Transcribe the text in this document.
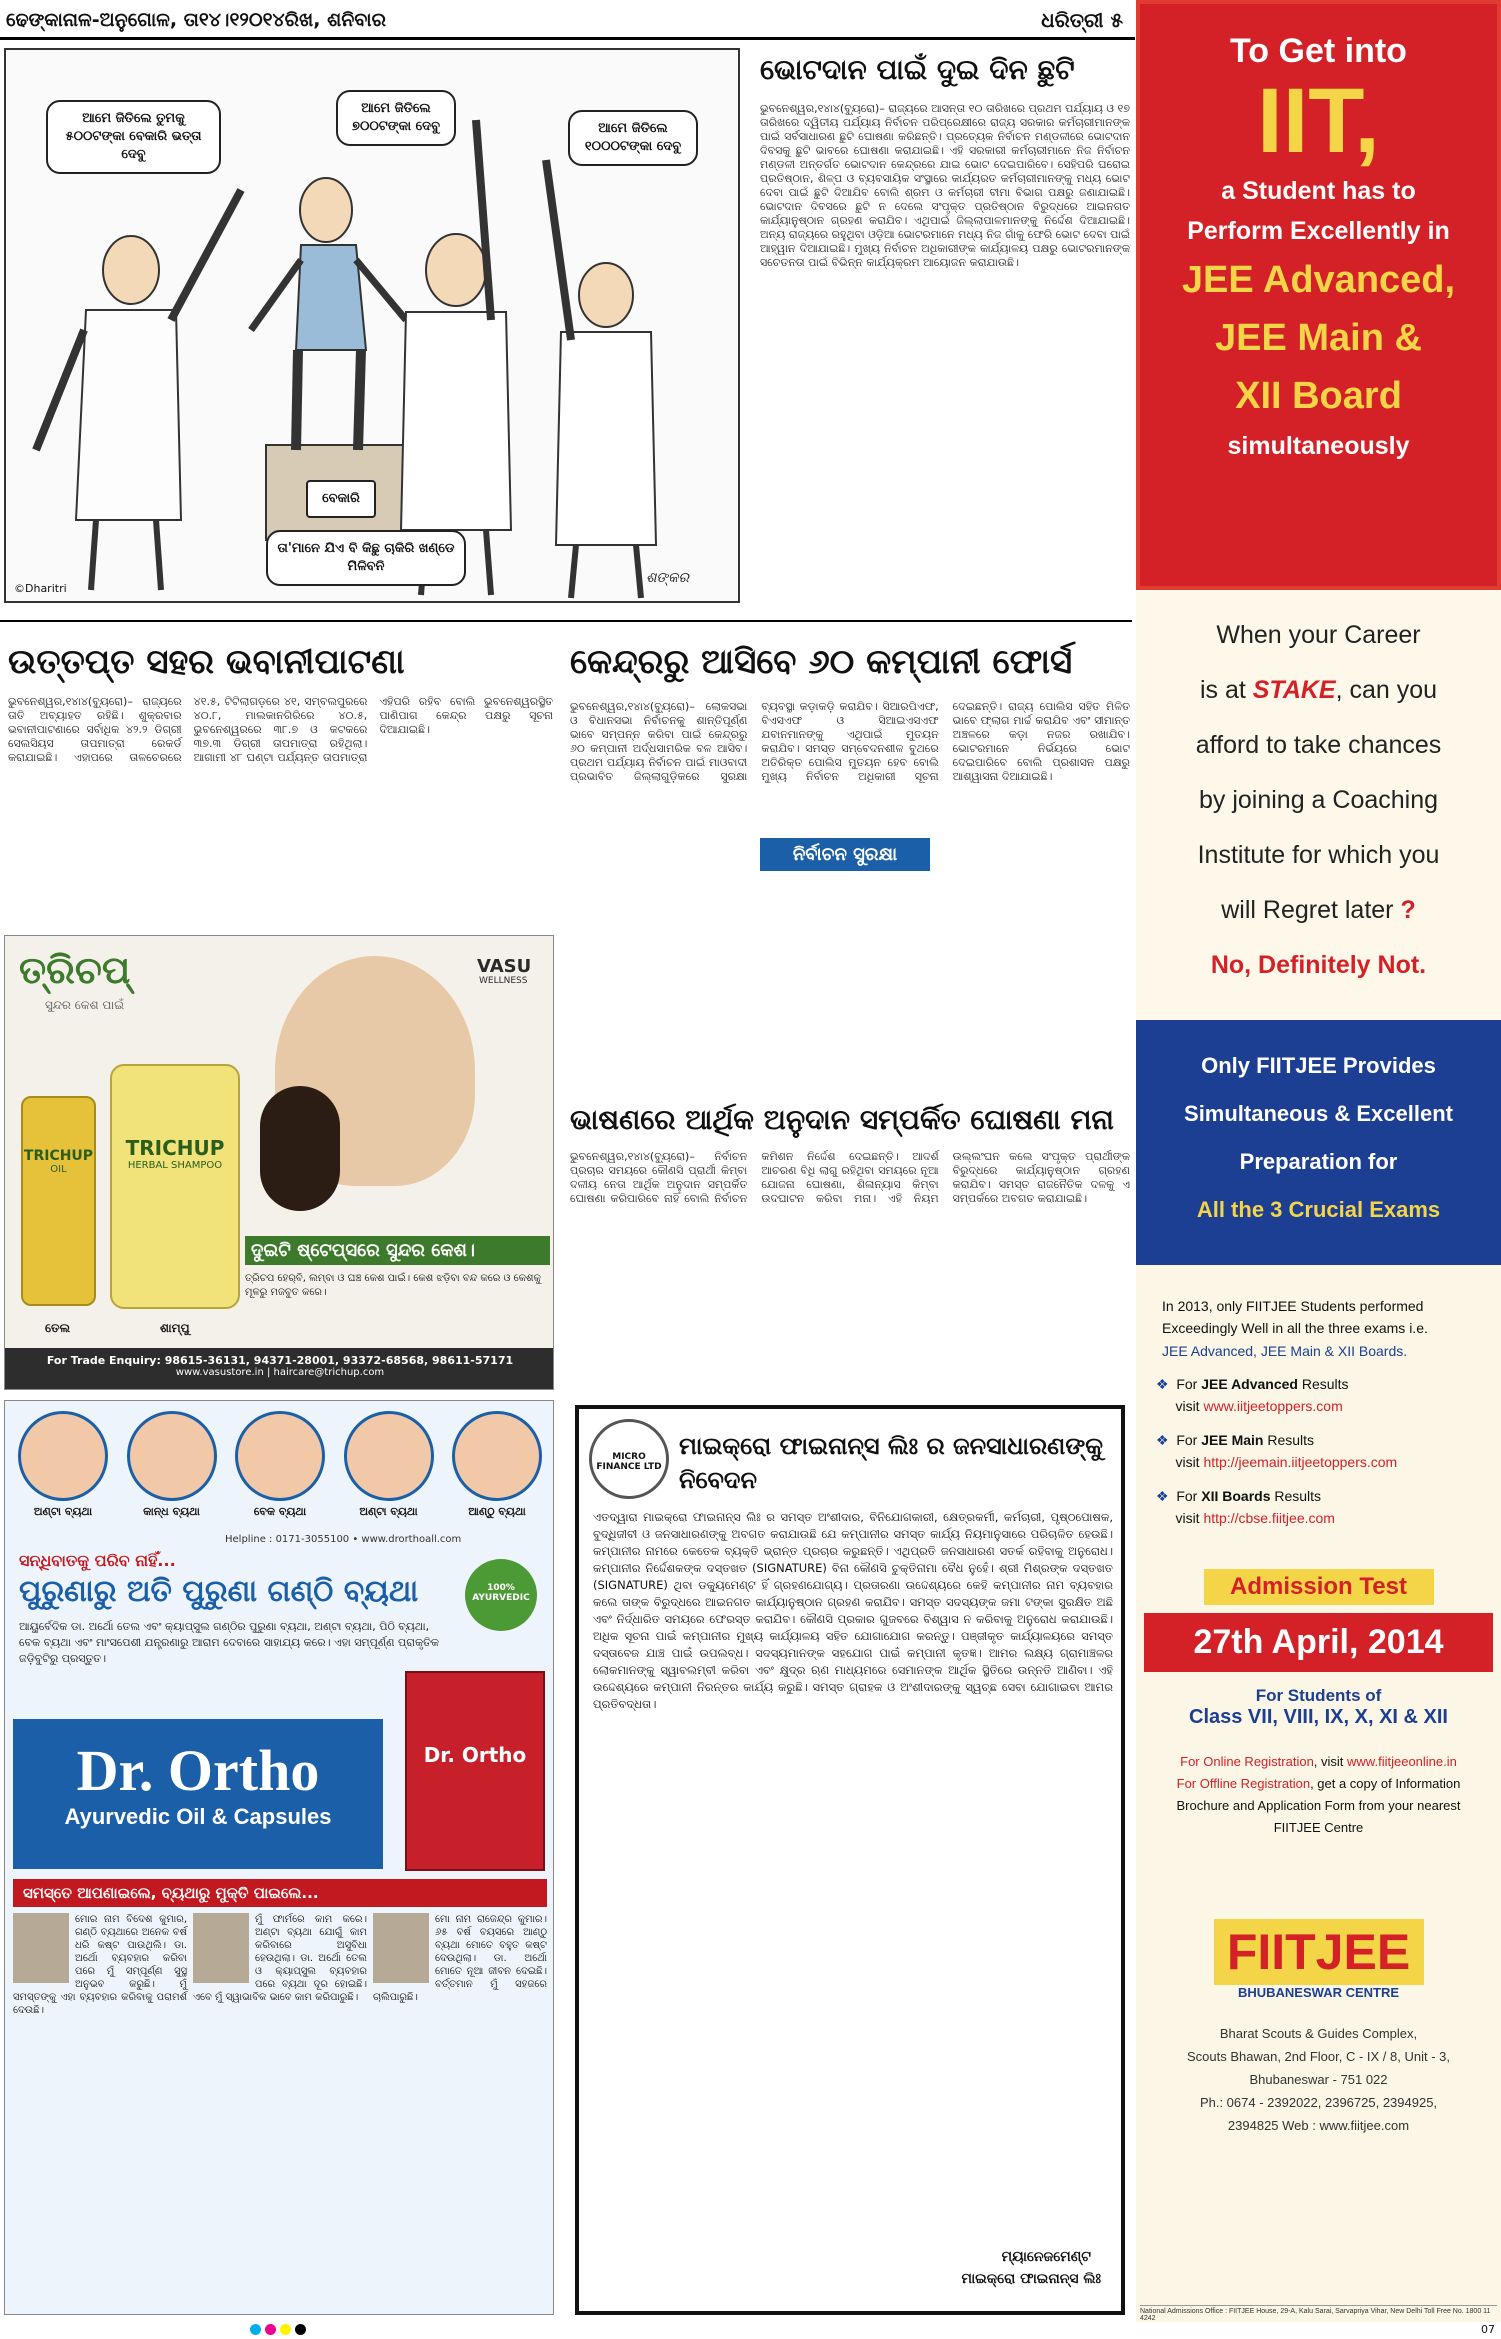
ଢେଙ୍କାନାଳ-ଅନୁଗୋଳ, ତା୧୪।୧୨୦୧୪ରିଖ, ଶନିବାର	ଧରିତ୍ରୀ ୫
ଆମେ ଜିତିଲେ ତୁମକୁ ୫୦୦ଟଙ୍କା ବେକାରି ଭତ୍ତା ଦେବୁ
ଆମେ ଜିତିଲେ ୭୦୦ଟଙ୍କା ଦେବୁ	ଆମେ ଜିତିଲେ ୧୦୦୦ଟଙ୍କା ଦେବୁ
ବେକାରି
ତା'ମାନେ ଯିଏ ବି କିଛୁ ଚାକିରି ଖଣ୍ଡେ ମିଳିବନି
©Dharitri
ଶଙ୍କର
ଭୋଟଦାନ ପାଇଁ ଦୁଇ ଦିନ ଛୁଟି
ଭୁବନେଶ୍ୱର,୧୪ା୪(ବ୍ୟୁରୋ)– ରାଜ୍ୟରେ ଆସନ୍ତା ୧୦ ତାରିଖରେ ପ୍ରଥମ ପର୍ଯ୍ୟାୟ ଓ ୧୭ ତାରିଖରେ ଦ୍ୱିତୀୟ ପର୍ଯ୍ୟାୟ ନିର୍ବାଚନ ପରିପ୍ରେକ୍ଷୀରେ ରାଜ୍ୟ ସରକାର କର୍ମଚାରୀମାନଙ୍କ ପାଇଁ ସର୍ବସାଧାରଣ ଛୁଟି ଘୋଷଣା କରିଛନ୍ତି। ପ୍ରତ୍ୟେକ ନିର୍ବାଚନ ମଣ୍ଡଳୀରେ ଭୋଟଦାନ ଦିବସକୁ ଛୁଟି ଭାବରେ ଘୋଷଣା କରାଯାଇଛି। ଏହି ସରକାରୀ କର୍ମଚାରୀମାନେ ନିଜ ନିର୍ବାଚନ ମଣ୍ଡଳୀ ଅନ୍ତର୍ଗତ ଭୋଟଦାନ କେନ୍ଦ୍ରରେ ଯାଇ ଭୋଟ ଦେଇପାରିବେ। ସେହିପରି ଘରୋଇ ପ୍ରତିଷ୍ଠାନ, ଶିଳ୍ପ ଓ ବ୍ୟବସାୟିକ ସଂସ୍ଥାରେ କାର୍ଯ୍ୟରତ କର୍ମଚାରୀମାନଙ୍କୁ ମଧ୍ୟ ଭୋଟ ଦେବା ପାଇଁ ଛୁଟି ଦିଆଯିବ ବୋଲି ଶ୍ରମ ଓ କର୍ମଚାରୀ ବୀମା ବିଭାଗ ପକ୍ଷରୁ ଜଣାଯାଇଛି। ଭୋଟଦାନ ଦିବସରେ ଛୁଟି ନ ଦେଲେ ସଂପୃକ୍ତ ପ୍ରତିଷ୍ଠାନ ବିରୁଦ୍ଧରେ ଆଇନଗତ କାର୍ଯ୍ୟାନୁଷ୍ଠାନ ଗ୍ରହଣ କରାଯିବ। ଏଥିପାଇଁ ଜିଲ୍ଲାପାଳମାନଙ୍କୁ ନିର୍ଦ୍ଦେଶ ଦିଆଯାଇଛି। ଅନ୍ୟ ରାଜ୍ୟରେ ରହୁଥିବା ଓଡ଼ିଆ ଭୋଟରମାନେ ମଧ୍ୟ ନିଜ ଗାଁକୁ ଫେରି ଭୋଟ ଦେବା ପାଇଁ ଆହ୍ୱାନ ଦିଆଯାଇଛି। ମୁଖ୍ୟ ନିର୍ବାଚନ ଅଧିକାରୀଙ୍କ କାର୍ଯ୍ୟାଳୟ ପକ୍ଷରୁ ଭୋଟରମାନଙ୍କ ସଚେତନତା ପାଇଁ ବିଭିନ୍ନ କାର୍ଯ୍ୟକ୍ରମ ଆୟୋଜନ କରାଯାଉଛି।
ଉତ୍ତପ୍ତ ସହର ଭବାନୀପାଟଣା
ଭୁବନେଶ୍ୱର,୧୪ା୪(ବ୍ୟୁରୋ)– ରାଜ୍ୟରେ ତାତି ଅବ୍ୟାହତ ରହିଛି। ଶୁକ୍ରବାର ଭବାନୀପାଟଣାରେ ସର୍ବାଧିକ ୪୨.୨ ଡିଗ୍ରୀ ସେଲସିୟସ ତାପମାତ୍ରା ରେକର୍ଡ କରାଯାଇଛି। ଏହାପରେ ତାଳଚେରରେ ୪୧.୫, ଟିଟିଲାଗଡ଼ରେ ୪୧, ସମ୍ବଲପୁରରେ ୪୦.୮, ମାଲକାନଗିରିରେ ୪୦.୫, ଭୁବନେଶ୍ୱରରେ ୩୮.୭ ଓ କଟକରେ ୩୭.୩ ଡିଗ୍ରୀ ତାପମାତ୍ରା ରହିଥିଲା। ଆଗାମୀ ୪୮ ଘଣ୍ଟା ପର୍ଯ୍ୟନ୍ତ ତାପମାତ୍ରା ଏହିପରି ରହିବ ବୋଲି ଭୁବନେଶ୍ୱରସ୍ଥିତ ପାଣିପାଗ କେନ୍ଦ୍ର ପକ୍ଷରୁ ସୂଚନା ଦିଆଯାଇଛି।
କେନ୍ଦ୍ରରୁ ଆସିବେ ୬୦ କମ୍ପାନୀ ଫୋର୍ସ
ଭୁବନେଶ୍ୱର,୧୪ା୪(ବ୍ୟୁରୋ)– ଲୋକସଭା ଓ ବିଧାନସଭା ନିର୍ବାଚନକୁ ଶାନ୍ତିପୂର୍ଣ୍ଣ ଭାବେ ସମ୍ପନ୍ନ କରିବା ପାଇଁ କେନ୍ଦ୍ରରୁ ୬୦ କମ୍ପାନୀ ଅର୍ଦ୍ଧସାମରିକ ବଳ ଆସିବ। ପ୍ରଥମ ପର୍ଯ୍ୟାୟ ନିର୍ବାଚନ ପାଇଁ ମାଓବାଦୀ ପ୍ରଭାବିତ ଜିଲ୍ଲାଗୁଡ଼ିକରେ ସୁରକ୍ଷା ବ୍ୟବସ୍ଥା କଡ଼ାକଡ଼ି କରାଯିବ। ସିଆରପିଏଫ, ବିଏସଏଫ ଓ ସିଆଇଏସଏଫ ଯବାନମାନଙ୍କୁ ଏଥିପାଇଁ ମୁତୟନ କରାଯିବ। ସମସ୍ତ ସମ୍ବେଦନଶୀଳ ବୁଥରେ ଅତିରିକ୍ତ ପୋଲିସ ମୁତୟନ ହେବ ବୋଲି ମୁଖ୍ୟ ନିର୍ବାଚନ ଅଧିକାରୀ ସୂଚନା ଦେଇଛନ୍ତି। ରାଜ୍ୟ ପୋଲିସ ସହିତ ମିଳିତ ଭାବେ ଫ୍ଲାଗ ମାର୍ଚ୍ଚ କରାଯିବ ଏବଂ ସୀମାନ୍ତ ଅଞ୍ଚଳରେ କଡ଼ା ନଜର ରଖାଯିବ। ଭୋଟରମାନେ ନିର୍ଭୟରେ ଭୋଟ ଦେଇପାରିବେ ବୋଲି ପ୍ରଶାସନ ପକ୍ଷରୁ ଆଶ୍ୱାସନା ଦିଆଯାଇଛି।
ନିର୍ବାଚନ ସୁରକ୍ଷା
ଭାଷଣରେ ଆର୍ଥିକ ଅନୁଦାନ ସମ୍ପର୍କିତ ଘୋଷଣା ମନା
ଭୁବନେଶ୍ୱର,୧୪ା୪(ବ୍ୟୁରୋ)– ନିର୍ବାଚନ ପ୍ରଚାର ସମୟରେ କୌଣସି ପ୍ରାର୍ଥୀ କିମ୍ବା ଦଳୀୟ ନେତା ଆର୍ଥିକ ଅନୁଦାନ ସମ୍ପର୍କିତ ଘୋଷଣା କରିପାରିବେ ନାହିଁ ବୋଲି ନିର୍ବାଚନ କମିଶନ ନିର୍ଦ୍ଦେଶ ଦେଇଛନ୍ତି। ଆଦର୍ଶ ଆଚରଣ ବିଧି ଲାଗୁ ରହିଥିବା ସମୟରେ ନୂଆ ଯୋଜନା ଘୋଷଣା, ଶିଳାନ୍ୟାସ କିମ୍ବା ଉଦଘାଟନ କରିବା ମନା। ଏହି ନିୟମ ଉଲ୍ଲଂଘନ କଲେ ସଂପୃକ୍ତ ପ୍ରାର୍ଥୀଙ୍କ ବିରୁଦ୍ଧରେ କାର୍ଯ୍ୟାନୁଷ୍ଠାନ ଗ୍ରହଣ କରାଯିବ। ସମସ୍ତ ରାଜନୈତିକ ଦଳକୁ ଏ ସମ୍ପର୍କରେ ଅବଗତ କରାଯାଇଛି।
ତ୍ରିଚପ୍
ସୁନ୍ଦର କେଶ ପାଇଁ
VASU
WELLNESS
TRICHUP
OIL
TRICHUP
HERBAL SHAMPOO
ଦୁଇଟି ଷ୍ଟେପ୍‌ସରେ ସୁନ୍ଦର କେଶ।
ତ୍ରିଚପ ହେର୍‌ବି, ଲମ୍ବା ଓ ଘଞ୍ଚ କେଶ ପାଇଁ। କେଶ ଝଡ଼ିବା ବନ୍ଦ କରେ ଓ କେଶକୁ ମୂଳରୁ ମଜବୁତ କରେ।
ତେଲ	ଶାମ୍ପୁ
For Trade Enquiry: 98615-36131, 94371-28001, 93372-68568, 98611-57171
www.vasustore.in | haircare@trichup.com
ଅଣ୍ଟା ବ୍ୟଥା	କାନ୍ଧ ବ୍ୟଥା	ବେକ ବ୍ୟଥା	ଅଣ୍ଟା ବ୍ୟଥା	ଆଣ୍ଠୁ ବ୍ୟଥା
Helpline : 0171-3055100 • www.drorthoall.com
ସନ୍ଧିବାତକୁ ପରିବ ନାହିଁ...
ପୁରୁଣାରୁ ଅତି ପୁରୁଣା ଗଣ୍ଠି ବ୍ୟଥା	100% AYURVEDIC
ଆୟୁର୍ବେଦିକ ଡା. ଅର୍ଥୋ ତେଲ ଏବଂ କ୍ୟାପ୍‌ସୁଲ ଗଣ୍ଠିର ପୁରୁଣା ବ୍ୟଥା, ଅଣ୍ଟା ବ୍ୟଥା, ପିଠି ବ୍ୟଥା, ବେକ ବ୍ୟଥା ଏବଂ ମାଂସପେଶୀ ଯନ୍ତ୍ରଣାରୁ ଆରାମ ଦେବାରେ ସାହାଯ୍ୟ କରେ। ଏହା ସମ୍ପୂର୍ଣ୍ଣ ପ୍ରାକୃତିକ ଜଡ଼ିବୁଟିରୁ ପ୍ରସ୍ତୁତ।
Dr. Ortho
Ayurvedic Oil & Capsules
Dr. Ortho
ସମସ୍ତେ ଆପଣାଇଲେ, ବ୍ୟଥାରୁ ମୁକ୍ତି ପାଇଲେ...
ମୋର ନାମ ବିଦେଶ କୁମାର, ଗଣ୍ଠି ବ୍ୟଥାରେ ଅନେକ ବର୍ଷ ଧରି କଷ୍ଟ ପାଉଥିଲି। ଡା. ଅର୍ଥୋ ବ୍ୟବହାର କରିବା ପରେ ମୁଁ ସମ୍ପୂର୍ଣ୍ଣ ସୁସ୍ଥ ଅନୁଭବ କରୁଛି। ମୁଁ ସମସ୍ତଙ୍କୁ ଏହା ବ୍ୟବହାର କରିବାକୁ ପରାମର୍ଶ ଦେଉଛି।
ମୁଁ ଫାର୍ମରେ କାମ କରେ। ଅଣ୍ଟା ବ୍ୟଥା ଯୋଗୁଁ କାମ କରିବାରେ ଅସୁବିଧା ହେଉଥିଲା। ଡା. ଅର୍ଥୋ ତେଲ ଓ କ୍ୟାପ୍‌ସୁଲ ବ୍ୟବହାର ପରେ ବ୍ୟଥା ଦୂର ହୋଇଛି। ଏବେ ମୁଁ ସ୍ୱାଭାବିକ ଭାବେ କାମ କରିପାରୁଛି।
ମୋ ନାମ ରାଜେନ୍ଦ୍ର କୁମାର। ୬୫ ବର୍ଷ ବୟସରେ ଆଣ୍ଠୁ ବ୍ୟଥା ମୋତେ ବହୁତ କଷ୍ଟ ଦେଉଥିଲା। ଡା. ଅର୍ଥୋ ମୋତେ ନୂଆ ଜୀବନ ଦେଇଛି। ବର୍ତ୍ତମାନ ମୁଁ ସହଜରେ ଚାଲିପାରୁଛି।
MICRO FINANCE LTD
ମାଇକ୍ରୋ ଫାଇନାନ୍ସ ଲିଃ ର ଜନସାଧାରଣଙ୍କୁ ନିବେଦନ
ଏତଦ୍ୱାରା ମାଇକ୍ରୋ ଫାଇନାନ୍ସ ଲିଃ ର ସମସ୍ତ ଅଂଶୀଦାର, ବିନିଯୋଗକାରୀ, କ୍ଷେତ୍ରକର୍ମୀ, କର୍ମଚାରୀ, ପୃଷ୍ଠପୋଷକ, ବୁଦ୍ଧିଜୀବୀ ଓ ଜନସାଧାରଣଙ୍କୁ ଅବଗତ କରାଯାଉଛି ଯେ କମ୍ପାନୀର ସମସ୍ତ କାର୍ଯ୍ୟ ନିୟମାନୁସାରେ ପରିଚାଳିତ ହେଉଛି। କମ୍ପାନୀର ନାମରେ କେତେକ ବ୍ୟକ୍ତି ଭ୍ରାନ୍ତ ପ୍ରଚାର କରୁଛନ୍ତି। ଏଥିପ୍ରତି ଜନସାଧାରଣ ସତର୍କ ରହିବାକୁ ଅନୁରୋଧ। କମ୍ପାନୀର ନିର୍ଦ୍ଦେଶକଙ୍କ ଦସ୍ତଖତ (SIGNATURE) ବିନା କୌଣସି ଚୁକ୍ତିନାମା ବୈଧ ନୁହେଁ। ଶ୍ରୀ ମିଶ୍ରଙ୍କ ଦସ୍ତଖତ (SIGNATURE) ଥିବା ଡକ୍ୟୁମେଣ୍ଟ ହିଁ ଗ୍ରହଣଯୋଗ୍ୟ। ପ୍ରତାରଣା ଉଦ୍ଦେଶ୍ୟରେ କେହି କମ୍ପାନୀର ନାମ ବ୍ୟବହାର କଲେ ତାଙ୍କ ବିରୁଦ୍ଧରେ ଆଇନଗତ କାର୍ଯ୍ୟାନୁଷ୍ଠାନ ଗ୍ରହଣ କରାଯିବ। ସମସ୍ତ ସଦସ୍ୟଙ୍କ ଜମା ଟଙ୍କା ସୁରକ୍ଷିତ ଅଛି ଏବଂ ନିର୍ଦ୍ଧାରିତ ସମୟରେ ଫେରସ୍ତ କରାଯିବ। କୌଣସି ପ୍ରକାର ଗୁଜବରେ ବିଶ୍ୱାସ ନ କରିବାକୁ ଅନୁରୋଧ କରାଯାଉଛି। ଅଧିକ ସୂଚନା ପାଇଁ କମ୍ପାନୀର ମୁଖ୍ୟ କାର୍ଯ୍ୟାଳୟ ସହିତ ଯୋଗାଯୋଗ କରନ୍ତୁ। ପଞ୍ଜୀକୃତ କାର୍ଯ୍ୟାଳୟରେ ସମସ୍ତ ଦସ୍ତାବେଜ ଯାଞ୍ଚ ପାଇଁ ଉପଲବ୍ଧ। ସଦସ୍ୟମାନଙ୍କ ସହଯୋଗ ପାଇଁ କମ୍ପାନୀ କୃତଜ୍ଞ। ଆମର ଲକ୍ଷ୍ୟ ଗ୍ରାମାଞ୍ଚଳର ଲୋକମାନଙ୍କୁ ସ୍ୱାବଲମ୍ବୀ କରିବା ଏବଂ କ୍ଷୁଦ୍ର ଋଣ ମାଧ୍ୟମରେ ସେମାନଙ୍କ ଆର୍ଥିକ ସ୍ଥିତିରେ ଉନ୍ନତି ଆଣିବା। ଏହି ଉଦ୍ଦେଶ୍ୟରେ କମ୍ପାନୀ ନିରନ୍ତର କାର୍ଯ୍ୟ କରୁଛି। ସମସ୍ତ ଗ୍ରାହକ ଓ ଅଂଶୀଦାରଙ୍କୁ ସ୍ୱଚ୍ଛ ସେବା ଯୋଗାଇବା ଆମର ପ୍ରତିବଦ୍ଧତା।
ମ୍ୟାନେଜମେଣ୍ଟ
ମାଇକ୍ରୋ ଫାଇନାନ୍ସ ଲିଃ
To Get into
IIT,
a Student has to
Perform Excellently in
JEE Advanced,
JEE Main &
XII Board
simultaneously
When your Career
is at STAKE, can you
afford to take chances
by joining a Coaching
Institute for which you
will Regret later ?
No, Definitely Not.
Only FIITJEE Provides
Simultaneous & Excellent
Preparation for
All the 3 Crucial Exams
In 2013, only FIITJEE Students performed Exceedingly Well in all the three exams i.e.
JEE Advanced, JEE Main & XII Boards.
❖ For JEE Advanced Results
visit www.iitjeetoppers.com
❖ For JEE Main Results
visit http://jeemain.iitjeetoppers.com
❖ For XII Boards Results
visit http://cbse.fiitjee.com
Admission Test
27th April, 2014
For Students of
Class VII, VIII, IX, X, XI & XII
For Online Registration, visit www.fiitjeeonline.in
For Offline Registration, get a copy of Information Brochure and Application Form from your nearest FIITJEE Centre
FIITJEE
BHUBANESWAR CENTRE
Bharat Scouts & Guides Complex,
Scouts Bhawan, 2nd Floor, C - IX / 8, Unit - 3,
Bhubaneswar - 751 022
Ph.: 0674 - 2392022, 2396725, 2394925,
2394825 Web : www.fiitjee.com
National Admissions Office : FIITJEE House, 29-A, Kalu Sarai, Sarvapriya Vihar, New Delhi Toll Free No. 1800 11 4242
07
